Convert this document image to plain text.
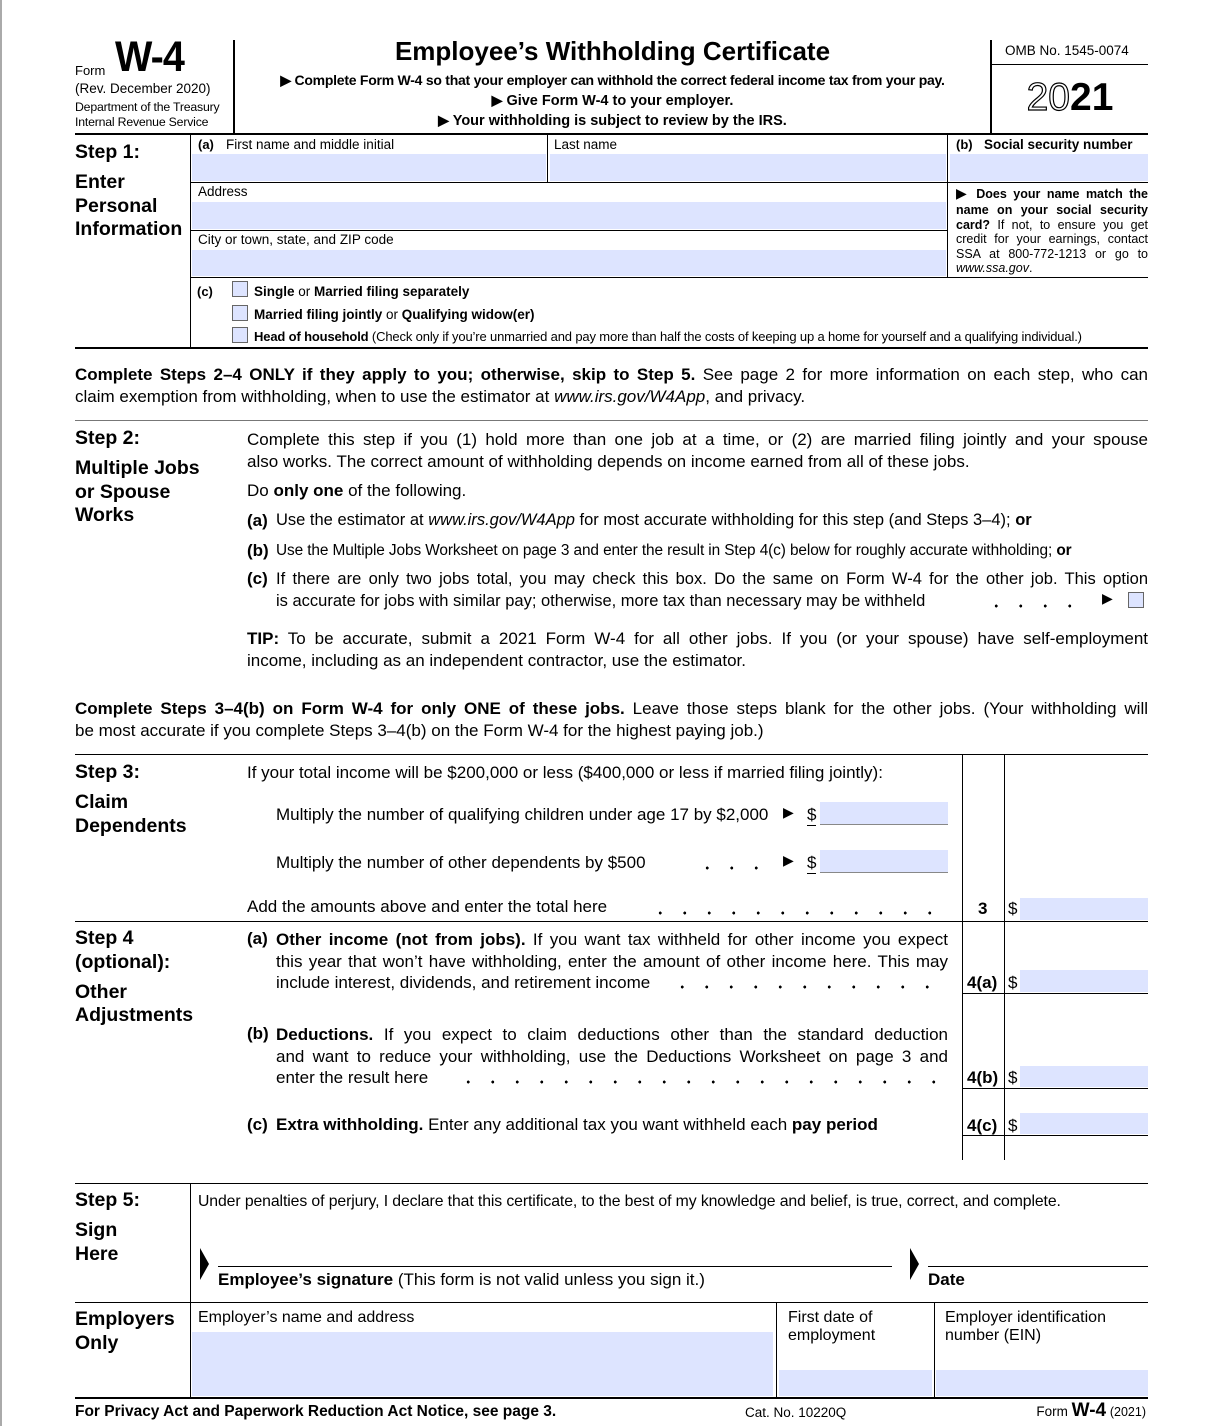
Form W-4
(Rev. December 2020)
Department of the Treasury
Internal Revenue Service
Employee’s Withholding Certificate
▶ Complete Form W-4 so that your employer can withhold the correct federal income tax from your pay.
▶ Give Form W-4 to your employer.
▶ Your withholding is subject to review by the IRS.
OMB No. 1545-0074
2021
Step 1:
Enter
Personal
Information
(a) First name and middle initial	Last name	(b) Social security number
Address
City or town, state, and ZIP code
▶ Does your name match the
name on your social security
card? If not, to ensure you get
credit for your earnings, contact
SSA at 800-772-1213 or go to
www.ssa.gov.
(c)	Single or Married filing separately
Married filing jointly or Qualifying widow(er)
Head of household (Check only if you’re unmarried and pay more than half the costs of keeping up a home for yourself and a qualifying individual.)
Complete Steps 2–4 ONLY if they apply to you; otherwise, skip to Step 5. See page 2 for more information on each step, who can
claim exemption from withholding, when to use the estimator at www.irs.gov/W4App, and privacy.
Step 2:
Multiple Jobs
or Spouse
Works
Complete this step if you (1) hold more than one job at a time, or (2) are married filing jointly and your spouse
also works. The correct amount of withholding depends on income earned from all of these jobs.
Do only one of the following.
(a) Use the estimator at www.irs.gov/W4App for most accurate withholding for this step (and Steps 3–4); or
(b) Use the Multiple Jobs Worksheet on page 3 and enter the result in Step 4(c) below for roughly accurate withholding; or
(c) If there are only two jobs total, you may check this box. Do the same on Form W-4 for the other job. This option
is accurate for jobs with similar pay; otherwise, more tax than necessary may be withheld
▶
TIP: To be accurate, submit a 2021 Form W-4 for all other jobs. If you (or your spouse) have self-employment
income, including as an independent contractor, use the estimator.
Complete Steps 3–4(b) on Form W-4 for only ONE of these jobs. Leave those steps blank for the other jobs. (Your withholding will
be most accurate if you complete Steps 3–4(b) on the Form W-4 for the highest paying job.)
Step 3:
Claim
Dependents
If your total income will be $200,000 or less ($400,000 or less if married filing jointly):
Multiply the number of qualifying children under age 17 by $2,000 ▶ $
Multiply the number of other dependents by $500 ▶	$
Add the amounts above and enter the total here	3 $
Step 4
(optional):
Other
Adjustments
(a) Other income (not from jobs). If you want tax withheld for other income you expect
this year that won’t have withholding, enter the amount of other income here. This may
include interest, dividends, and retirement income	4(a) $
(b) Deductions. If you expect to claim deductions other than the standard deduction
and want to reduce your withholding, use the Deductions Worksheet on page 3 and
enter the result here	4(b) $
(c) Extra withholding. Enter any additional tax you want withheld each pay period	4(c) $
Step 5:
Sign
Here
Under penalties of perjury, I declare that this certificate, to the best of my knowledge and belief, is true, correct, and complete.
Employee’s signature (This form is not valid unless you sign it.)	Date
Employers
Only
Employer’s name and address	First date of
employment
Employer identification
number (EIN)
For Privacy Act and Paperwork Reduction Act Notice, see page 3.	Cat. No. 10220Q	Form W-4 (2021)
